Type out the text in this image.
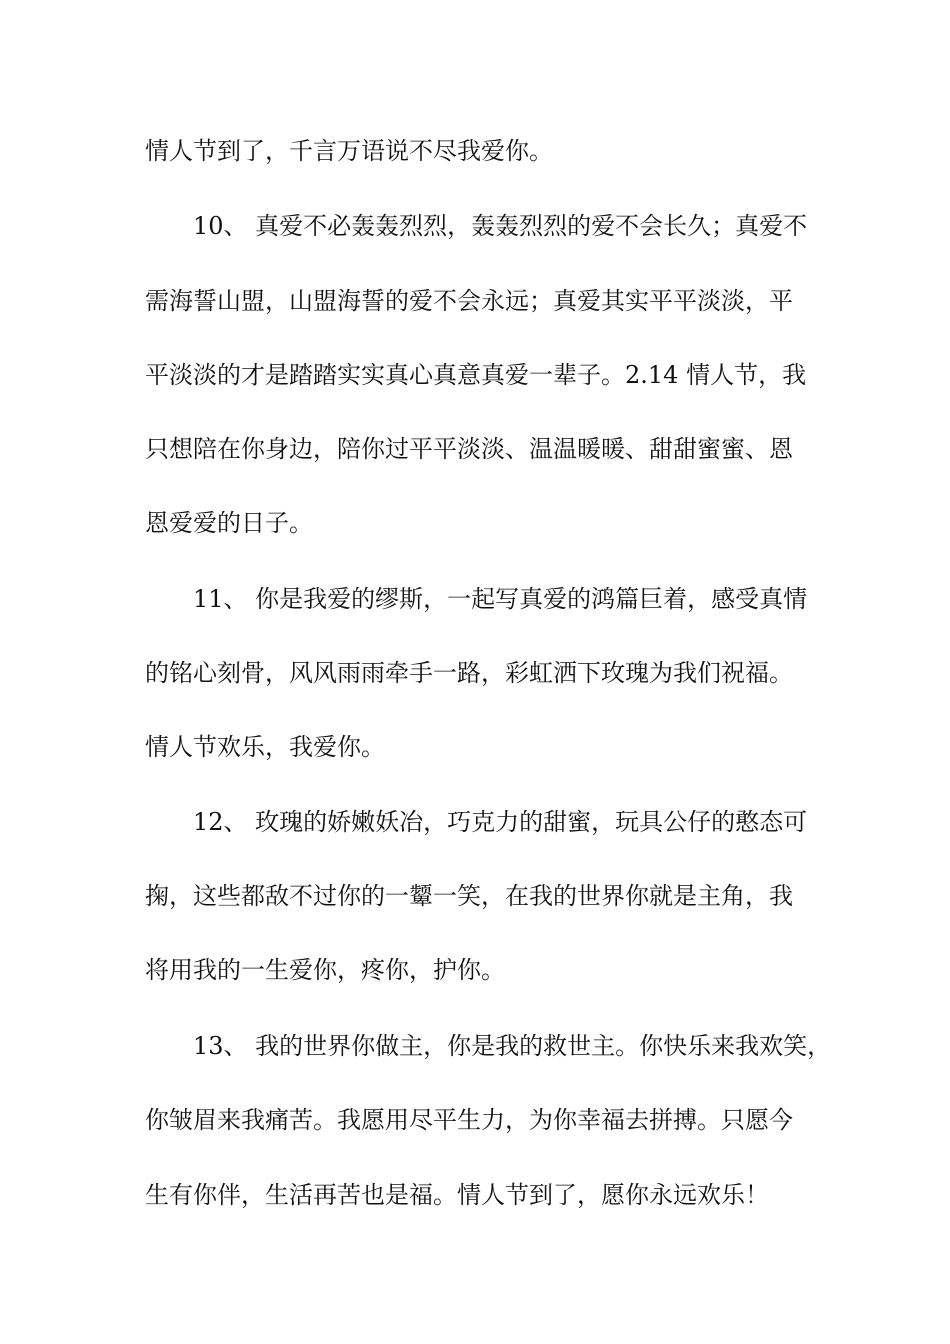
情人节到了，千言万语说不尽我爱你。
10、 真爱不必轰轰烈烈，轰轰烈烈的爱不会长久；真爱不
需海誓山盟，山盟海誓的爱不会永远；真爱其实平平淡淡，平
平淡淡的才是踏踏实实真心真意真爱一辈子。2.14 情人节，我
只想陪在你身边，陪你过平平淡淡、温温暖暖、甜甜蜜蜜、恩
恩爱爱的日子。
11、 你是我爱的缪斯，一起写真爱的鸿篇巨着，感受真情
的铭心刻骨，风风雨雨牵手一路，彩虹洒下玫瑰为我们祝福。
情人节欢乐，我爱你。
12、 玫瑰的娇嫩妖冶，巧克力的甜蜜，玩具公仔的憨态可
掬，这些都敌不过你的一颦一笑，在我的世界你就是主角，我
将用我的一生爱你，疼你，护你。
13、 我的世界你做主，你是我的救世主。你快乐来我欢笑，
你皱眉来我痛苦。我愿用尽平生力，为你幸福去拼搏。只愿今
生有你伴，生活再苦也是福。情人节到了，愿你永远欢乐！
